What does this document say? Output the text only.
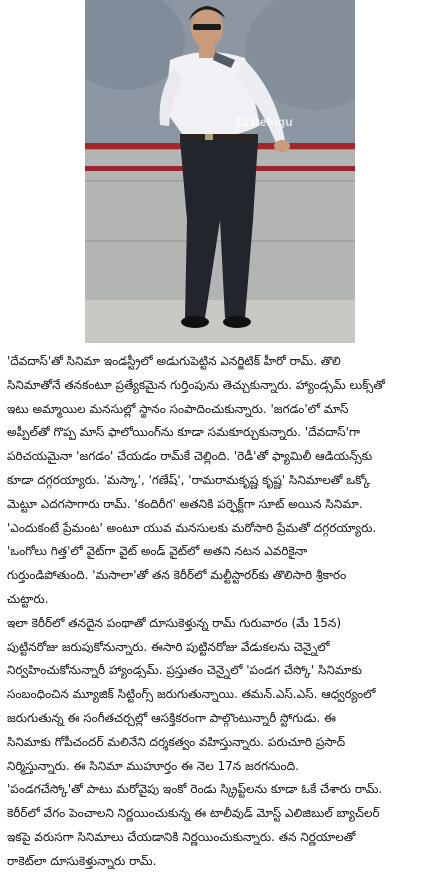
123telugu
'దేవదాస్'తో సినిమా ఇండస్ట్రీలో అడుగుపెట్టిన ఎనర్జిటిక్ హీరో రామ్. తొలి
సినిమాతోనే తనకంటూ ప్రత్యేకమైన గుర్తింపును తెచ్చుకున్నారు. హ్యాండ్సమ్ లుక్స్‌తో
ఇటు అమ్మాయిల మనసుల్లో స్థానం సంపాదించుకున్నారు. 'జగడం'లో మాస్
అప్పీల్‌తో గొప్ప మాస్ ఫాలోయింగ్‌ను కూడా సమకూర్చుకున్నారు. 'దేవదాస్'గా
పరిచయమైనా 'జగడం' చేయడం రామ్‌కే చెల్లింది. 'రెడీ'తో ఫ్యామిలీ ఆడియన్స్‌కు
కూడా దగ్గరయ్యారు. 'మస్కా', 'గణేష్', 'రామరామకృష్ణ కృష్ణ' సినిమాలతో ఒక్కో
మెట్టూ ఎదగసాగారు రామ్. 'కందిరీగ' అతనికి పర్ఫెక్ట్‌గా సూట్ అయిన సినిమా.
'ఎందుకంటే ప్రేమంట' అంటూ యువ మనసులకు మరోసారి ప్రేమతో దగ్గరయ్యారు.
'ఒంగోలు గిత్త'లో వైట్‌గా వైట్ అండ్ వైట్‌లో అతని నటన ఎవరికైనా
గుర్తుండిపోతుంది. 'మసాలా'తో తన కెరీర్‌లో మల్టీస్టారర్‌కు తొలిసారి శ్రీకారం
చుట్టారు.
ఇలా కెరీర్‌లో తనదైన పంథాతో దూసుకెళ్తున్న రామ్ గురువారం (మే 15న)
పుట్టినరోజు జరుపుకోనున్నారు. ఈసారి పుట్టినరోజు వేడుకలను చెన్నైలో
నిర్వహించుకోనున్నారీ హ్యాండ్సమ్. ప్రస్తుతం చెన్నైలో 'పండగ చేస్కో' సినిమాకు
సంబంధించిన మ్యూజిక్ సిట్టింగ్స్ జరుగుతున్నాయి. తమన్.ఎస్.ఎస్. ఆధ్వర్యంలో
జరుగుతున్న ఈ సంగీతచర్చల్లో ఆసక్తికరంగా పాల్గొంటున్నారీ స్టోగుడు. ఈ
సినిమాకు గోపీచందర్ మలినేని దర్శకత్వం వహిస్తున్నారు. పరుచూరి ప్రసాద్
నిర్మిస్తున్నారు. ఈ సినిమా ముహూర్తం ఈ నెల 17న జరగనుంది.
'పండగచేస్కో'తో పాటు మరోవైపు ఇంకో రెండు స్క్రిప్ట్‌లను కూడా ఓకే చేశారు రామ్.
కెరీర్‌లో వేగం పెంచాలని నిర్ణయించుకున్న ఈ టాలీవుడ్ మోస్ట్ ఎలిజిబుల్ బ్యాచ్‌లర్
ఇకపై వరుసగా సినిమాలు చేయడానికి నిర్ణయించుకున్నారు. తన నిర్ణయాలతో
రాకెట్‌లా దూసుకెళ్తున్నారు రామ్.
